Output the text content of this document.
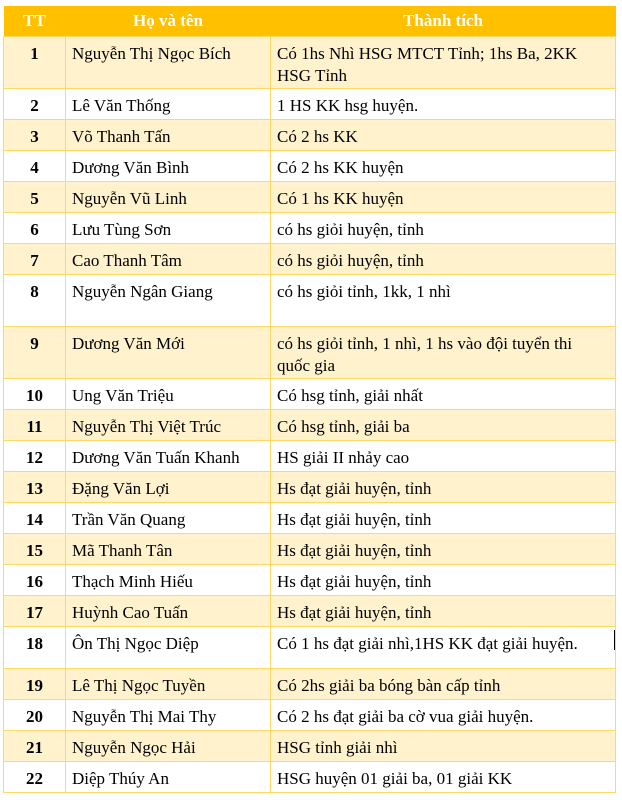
TT	Họ và tên	Thành tích
1	Nguyễn Thị Ngọc Bích	Có 1hs Nhì HSG MTCT Tỉnh; 1hs Ba, 2KK HSG Tỉnh
2	Lê Văn Thống	1 HS KK hsg huyện.
3	Võ Thanh Tấn	Có 2 hs KK
4	Dương Văn Bình	Có 2 hs KK huyện
5	Nguyễn Vũ Linh	Có 1 hs KK huyện
6	Lưu Tùng Sơn	có hs giỏi huyện, tỉnh
7	Cao Thanh Tâm	có hs giỏi huyện, tỉnh
8	Nguyễn Ngân Giang	có hs giỏi tỉnh, 1kk, 1 nhì
9	Dương Văn Mới	có hs giỏi tỉnh, 1 nhì, 1 hs vào đội tuyển thi quốc gia
10	Ung Văn Triệu	Có hsg tỉnh, giải nhất
11	Nguyễn Thị Việt Trúc	Có hsg tỉnh, giải ba
12	Dương Văn Tuấn Khanh	HS giải II nhảy cao
13	Đặng Văn Lợi	Hs đạt giải huyện, tỉnh
14	Trần Văn Quang	Hs đạt giải huyện, tỉnh
15	Mã Thanh Tân	Hs đạt giải huyện, tỉnh
16	Thạch Minh Hiếu	Hs đạt giải huyện, tỉnh
17	Huỳnh Cao Tuấn	Hs đạt giải huyện, tỉnh
18	Ôn Thị Ngọc Diệp	Có 1 hs đạt giải nhì,1HS KK đạt giải huyện.
19	Lê Thị Ngọc Tuyền	Có 2hs giải ba bóng bàn cấp tỉnh
20	Nguyễn Thị Mai Thy	Có 2 hs đạt giải ba cờ vua giải huyện.
21	Nguyễn Ngọc Hải	HSG tỉnh giải nhì
22	Diệp Thúy An	HSG huyện 01 giải ba, 01 giải KK
